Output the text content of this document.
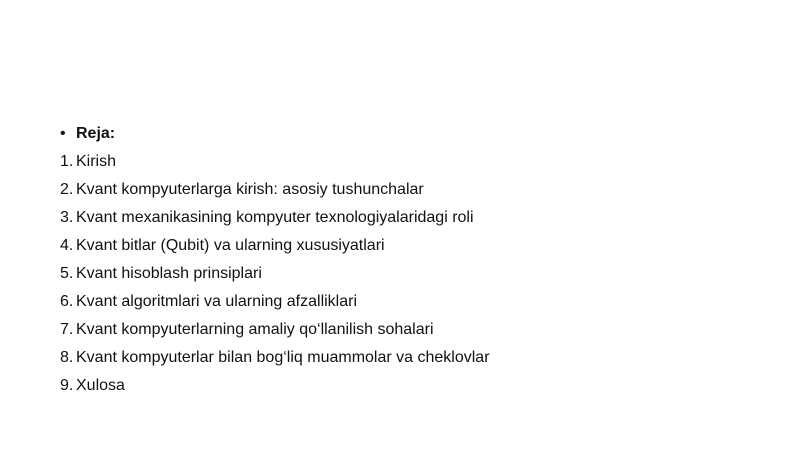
• Reja:
1. Kirish
2. Kvant kompyuterlarga kirish: asosiy tushunchalar
3. Kvant mexanikasining kompyuter texnologiyalaridagi roli
4. Kvant bitlar (Qubit) va ularning xususiyatlari
5. Kvant hisoblash prinsiplari
6. Kvant algoritmlari va ularning afzalliklari
7. Kvant kompyuterlarning amaliy qo‘llanilish sohalari
8. Kvant kompyuterlar bilan bog‘liq muammolar va cheklovlar
9. Xulosa
